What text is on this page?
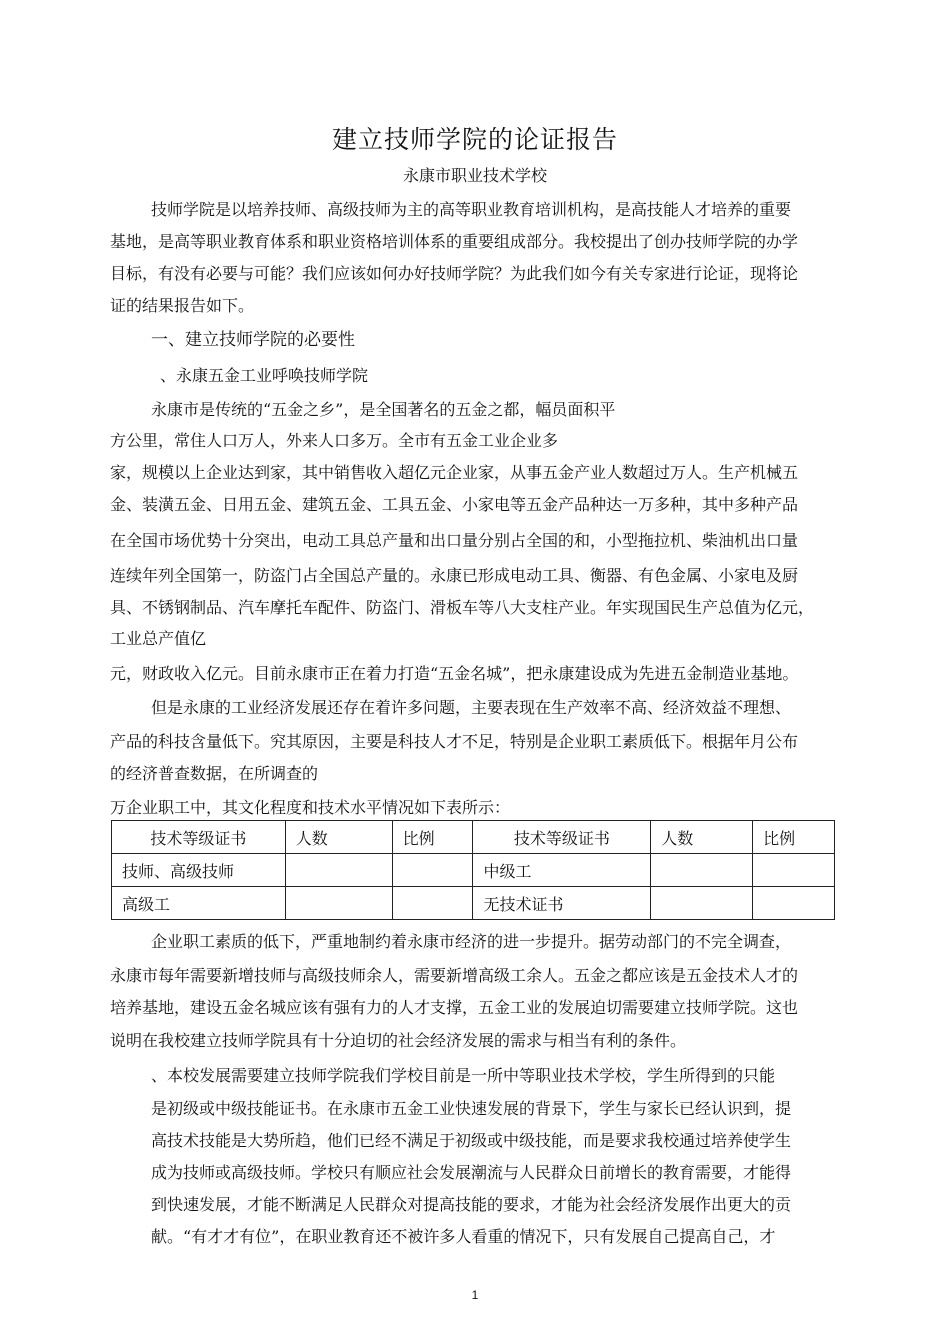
建立技师学院的论证报告
永康市职业技术学校
技师学院是以培养技师、高级技师为主的高等职业教育培训机构，是高技能人才培养的重要
基地，是高等职业教育体系和职业资格培训体系的重要组成部分。我校提出了创办技师学院的办学
目标，有没有必要与可能？我们应该如何办好技师学院？为此我们如今有关专家进行论证，现将论
证的结果报告如下。
一、建立技师学院的必要性
、永康五金工业呼唤技师学院
永康市是传统的“五金之乡”，是全国著名的五金之都，幅员面积平
方公里，常住人口万人，外来人口多万。全市有五金工业企业多
家，规模以上企业达到家，其中销售收入超亿元企业家，从事五金产业人数超过万人。生产机械五
金、装潢五金、日用五金、建筑五金、工具五金、小家电等五金产品种达一万多种，其中多种产品
在全国市场优势十分突出，电动工具总产量和出口量分别占全国的和，小型拖拉机、柴油机出口量
连续年列全国第一，防盗门占全国总产量的。永康已形成电动工具、衡器、有色金属、小家电及厨
具、不锈钢制品、汽车摩托车配件、防盗门、滑板车等八大支柱产业。年实现国民生产总值为亿元，
工业总产值亿
元，财政收入亿元。目前永康市正在着力打造“五金名城”，把永康建设成为先进五金制造业基地。
但是永康的工业经济发展还存在着许多问题，主要表现在生产效率不高、经济效益不理想、
产品的科技含量低下。究其原因，主要是科技人才不足，特别是企业职工素质低下。根据年月公布
的经济普查数据，在所调查的
万企业职工中，其文化程度和技术水平情况如下表所示：
技术等级证书	人数	比例	技术等级证书	人数	比例
技师、高级技师			中级工		
高级工			无技术证书		
企业职工素质的低下，严重地制约着永康市经济的进一步提升。据劳动部门的不完全调查，
永康市每年需要新增技师与高级技师余人，需要新增高级工余人。五金之都应该是五金技术人才的
培养基地，建设五金名城应该有强有力的人才支撑，五金工业的发展迫切需要建立技师学院。这也
说明在我校建立技师学院具有十分迫切的社会经济发展的需求与相当有利的条件。
、本校发展需要建立技师学院我们学校目前是一所中等职业技术学校，学生所得到的只能
是初级或中级技能证书。在永康市五金工业快速发展的背景下，学生与家长已经认识到，提
高技术技能是大势所趋，他们已经不满足于初级或中级技能，而是要求我校通过培养使学生
成为技师或高级技师。学校只有顺应社会发展潮流与人民群众日前增长的教育需要，才能得
到快速发展，才能不断满足人民群众对提高技能的要求，才能为社会经济发展作出更大的贡
献。“有才才有位”，在职业教育还不被许多人看重的情况下，只有发展自己提高自己，才
1
